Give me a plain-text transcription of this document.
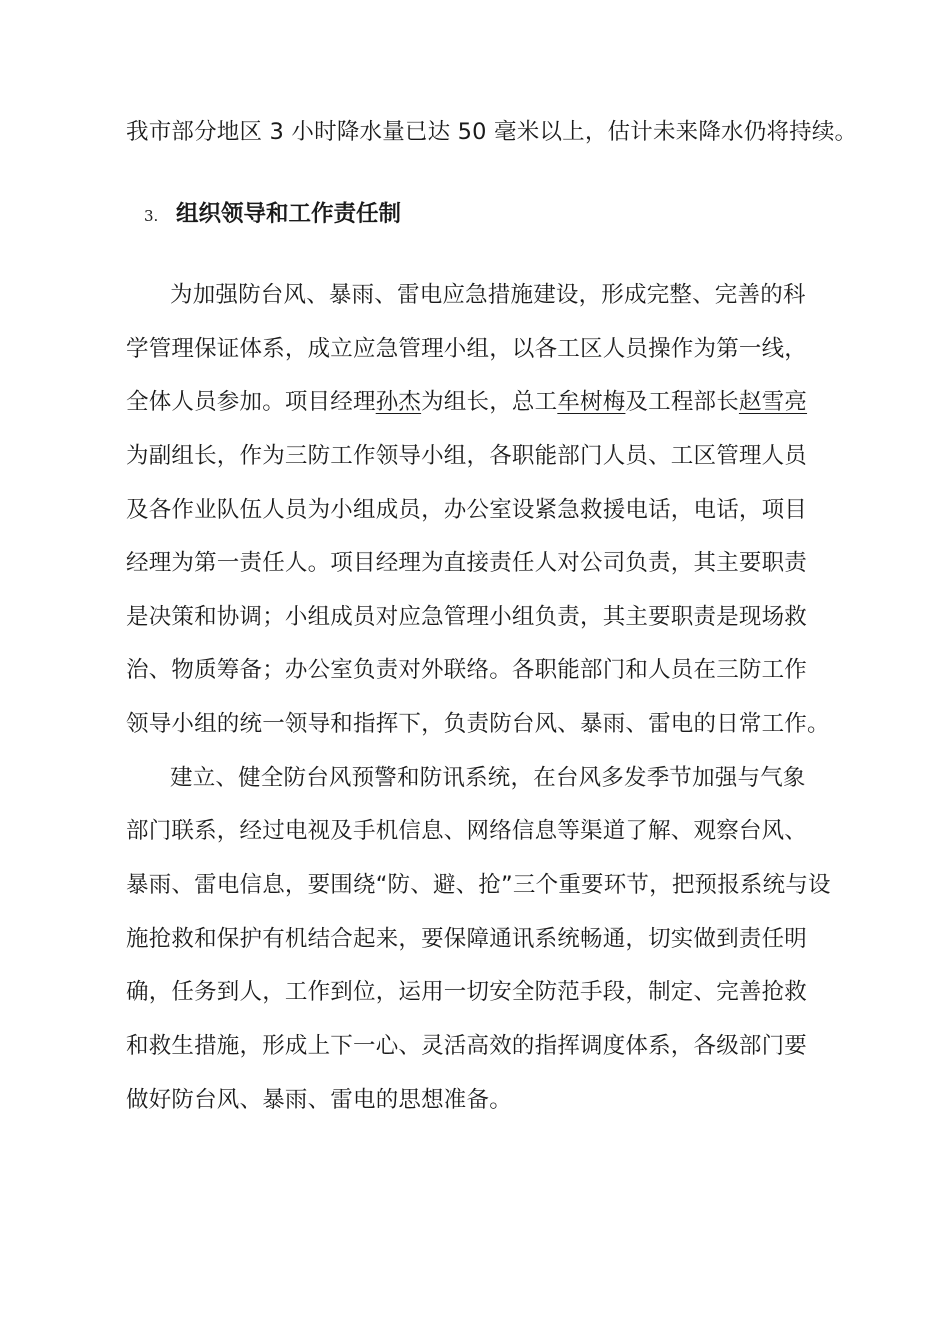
我市部分地区 3 小时降水量已达 50 毫米以上，估计未来降水仍将持续。
3. 组织领导和工作责任制
为加强防台风、暴雨、雷电应急措施建设，形成完整、完善的科
学管理保证体系，成立应急管理小组，以各工区人员操作为第一线，
全体人员参加。项目经理孙杰为组长，总工牟树梅及工程部长赵雪亮
为副组长，作为三防工作领导小组，各职能部门人员、工区管理人员
及各作业队伍人员为小组成员，办公室设紧急救援电话，电话，项目
经理为第一责任人。项目经理为直接责任人对公司负责，其主要职责
是决策和协调；小组成员对应急管理小组负责，其主要职责是现场救
治、物质筹备；办公室负责对外联络。各职能部门和人员在三防工作
领导小组的统一领导和指挥下，负责防台风、暴雨、雷电的日常工作。
建立、健全防台风预警和防讯系统，在台风多发季节加强与气象
部门联系，经过电视及手机信息、网络信息等渠道了解、观察台风、
暴雨、雷电信息，要围绕“防、避、抢”三个重要环节，把预报系统与设
施抢救和保护有机结合起来，要保障通讯系统畅通，切实做到责任明
确，任务到人，工作到位，运用一切安全防范手段，制定、完善抢救
和救生措施，形成上下一心、灵活高效的指挥调度体系，各级部门要
做好防台风、暴雨、雷电的思想准备。
